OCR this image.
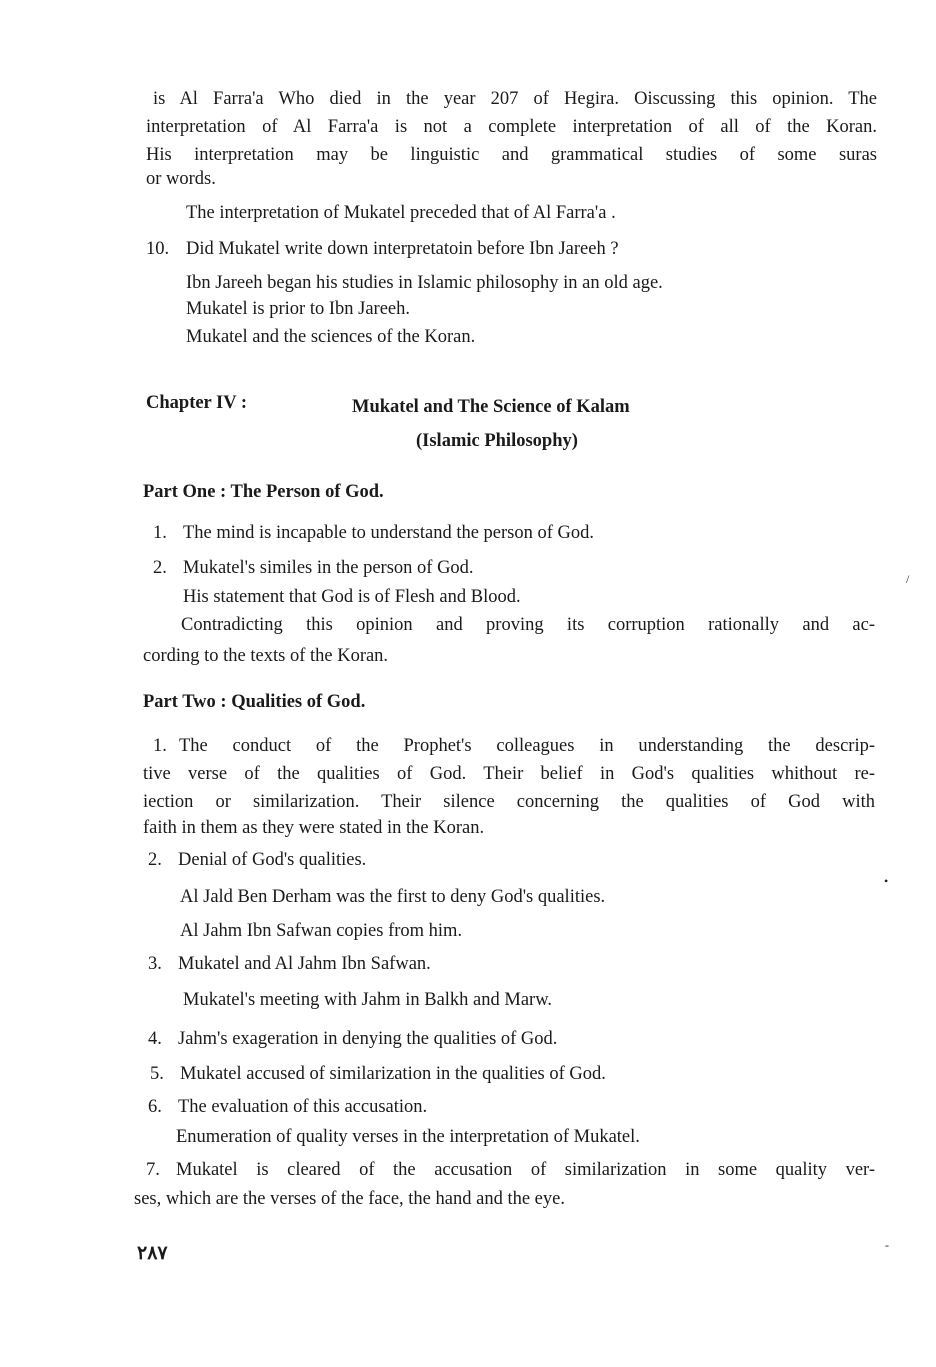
is Al Farra'a Who died in the year 207 of Hegira. Oiscussing this opinion. The
interpretation of Al Farra'a is not a complete interpretation of all of the Koran.
His interpretation may be linguistic and grammatical studies of some suras
or words.
The interpretation of Mukatel preceded that of Al Farra'a .
10. Did Mukatel write down interpretatoin before Ibn Jareeh ?
Ibn Jareeh began his studies in Islamic philosophy in an old age.
Mukatel is prior to Ibn Jareeh.
Mukatel and the sciences of the Koran.
Chapter IV :	Mukatel and The Science of Kalam
(Islamic Philosophy)
Part One : The Person of God.
1. The mind is incapable to understand the person of God.
2. Mukatel's similes in the person of God.
His statement that God is of Flesh and Blood.
Contradicting this opinion and proving its corruption rationally and ac-
cording to the texts of the Koran.
Part Two : Qualities of God.
1. The conduct of the Prophet's colleagues in understanding the descrip-
tive verse of the qualities of God. Their belief in God's qualities whithout re-
iection or similarization. Their silence concerning the qualities of God with
faith in them as they were stated in the Koran.
2. Denial of God's qualities.
Al Jald Ben Derham was the first to deny God's qualities.
Al Jahm Ibn Safwan copies from him.
3. Mukatel and Al Jahm Ibn Safwan.
Mukatel's meeting with Jahm in Balkh and Marw.
4. Jahm's exageration in denying the qualities of God.
5. Mukatel accused of similarization in the qualities of God.
6. The evaluation of this accusation.
Enumeration of quality verses in the interpretation of Mukatel.
7. Mukatel is cleared of the accusation of similarization in some quality ver-
ses, which are the verses of the face, the hand and the eye.
٢٨٧
/
•
-
